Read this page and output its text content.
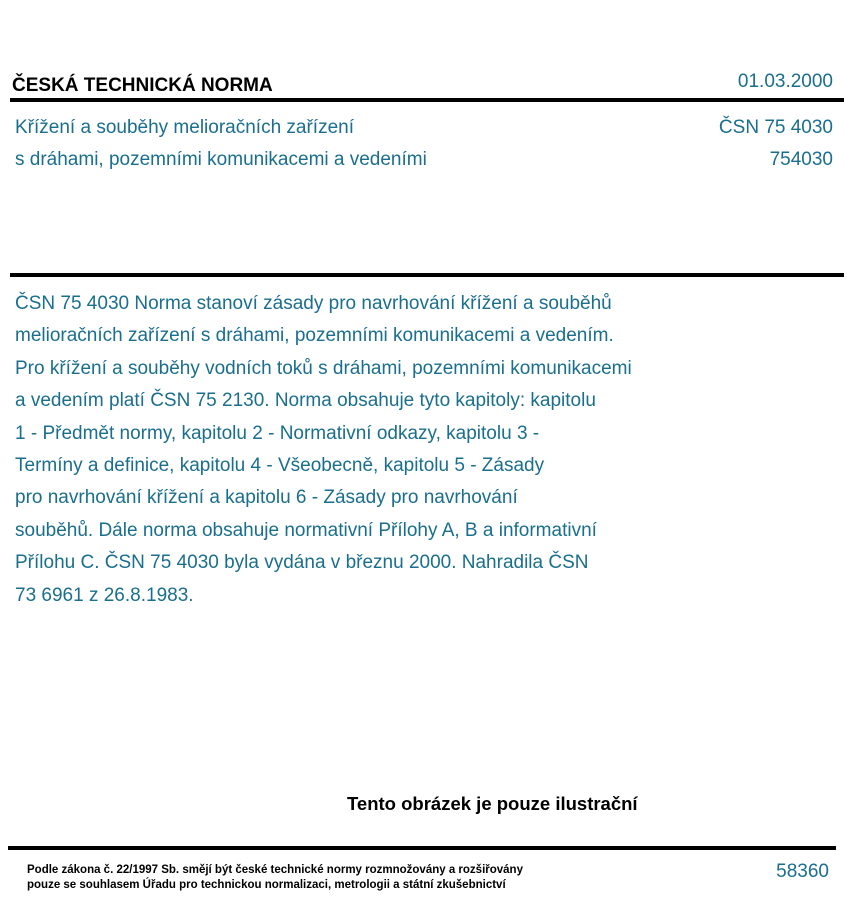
ČESKÁ TECHNICKÁ NORMA	01.03.2000
Křížení a souběhy melioračních zařízení
s dráhami, pozemními komunikacemi a vedeními
ČSN 75 4030
754030
ČSN 75 4030 Norma stanoví zásady pro navrhování křížení a souběhů
melioračních zařízení s dráhami, pozemními komunikacemi a vedením.
Pro křížení a souběhy vodních toků s dráhami, pozemními komunikacemi
a vedením platí ČSN 75 2130. Norma obsahuje tyto kapitoly: kapitolu
1 - Předmět normy, kapitolu 2 - Normativní odkazy, kapitolu 3 -
Termíny a definice, kapitolu 4 - Všeobecně, kapitolu 5 - Zásady
pro navrhování křížení a kapitolu 6 - Zásady pro navrhování
souběhů. Dále norma obsahuje normativní Přílohy A, B a informativní
Přílohu C. ČSN 75 4030 byla vydána v březnu 2000. Nahradila ČSN
73 6961 z 26.8.1983.
Tento obrázek je pouze ilustrační
Podle zákona č. 22/1997 Sb. smějí být české technické normy rozmnožovány a rozšiřovány
pouze se souhlasem Úřadu pro technickou normalizaci, metrologii a státní zkušebnictví
58360
